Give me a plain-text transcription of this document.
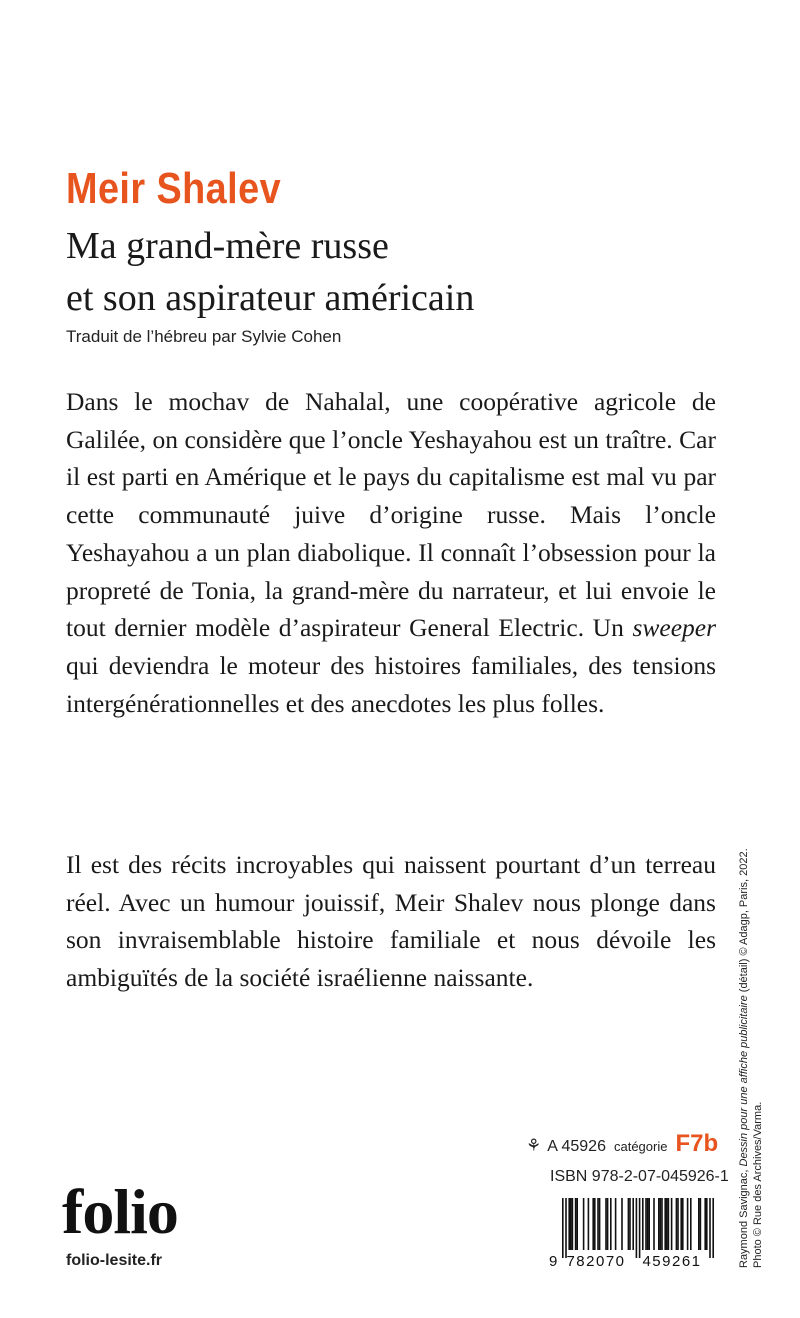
Meir Shalev
Ma grand-mère russe
et son aspirateur américain
Traduit de l’hébreu par Sylvie Cohen
Dans le mochav de Nahalal, une coopérative agricole de Galilée, on considère que l’oncle Yeshayahou est un traître. Car il est parti en Amérique et le pays du capitalisme est mal vu par cette communauté juive d’origine russe. Mais l’oncle Yeshayahou a un plan diabolique. Il connaît l’obsession pour la propreté de Tonia, la grand-mère du narrateur, et lui envoie le tout dernier modèle d’aspirateur General Electric. Un sweeper qui deviendra le moteur des histoires familiales, des tensions intergénérationnelles et des anecdotes les plus folles.
Il est des récits incroyables qui naissent pourtant d’un terreau réel. Avec un humour jouissif, Meir Shalev nous plonge dans son invraisemblable histoire familiale et nous dévoile les ambiguïtés de la société israélienne naissante.
Raymond Savignac, Dessin pour une affiche publicitaire (détail) © Adagp, Paris, 2022.
Photo © Rue des Archives/Varma.
⚘ A 45926 catégorie F7b
ISBN 978-2-07-045926-1
9 782070 459261
folio
folio-lesite.fr
